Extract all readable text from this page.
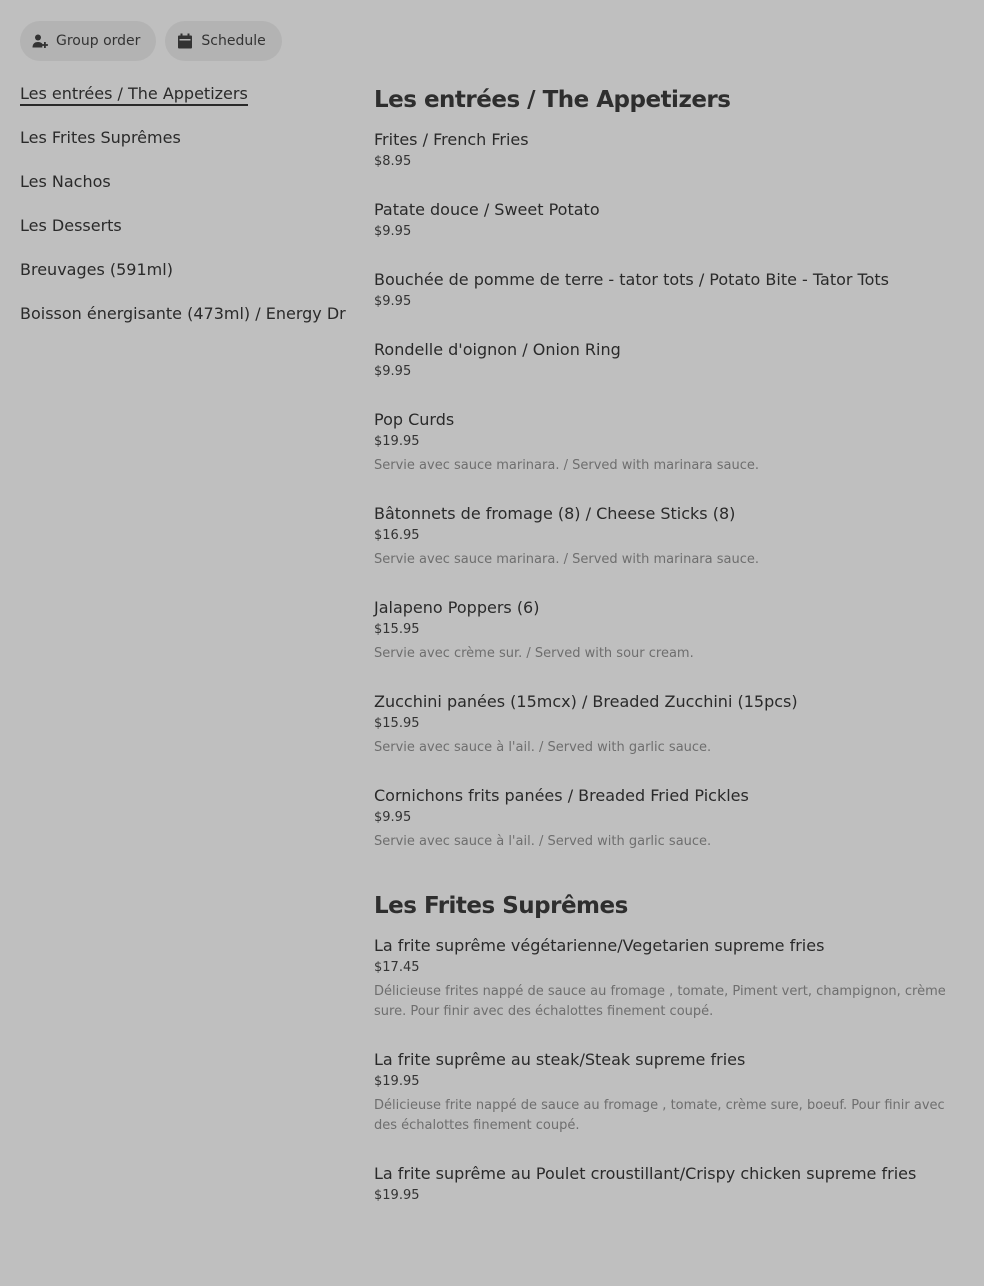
Group order	Schedule
Les entrées / The Appetizers
Les Frites Suprêmes
Les Nachos
Les Desserts
Breuvages (591ml)
Boisson énergisante (473ml) / Energy Dr
Les entrées / The Appetizers
Frites / French Fries
$8.95
Patate douce / Sweet Potato
$9.95
Bouchée de pomme de terre - tator tots / Potato Bite - Tator Tots
$9.95
Rondelle d'oignon / Onion Ring
$9.95
Pop Curds
$19.95
Servie avec sauce marinara. / Served with marinara sauce.
Bâtonnets de fromage (8) / Cheese Sticks (8)
$16.95
Servie avec sauce marinara. / Served with marinara sauce.
Jalapeno Poppers (6)
$15.95
Servie avec crème sur. / Served with sour cream.
Zucchini panées (15mcx) / Breaded Zucchini (15pcs)
$15.95
Servie avec sauce à l'ail. / Served with garlic sauce.
Cornichons frits panées / Breaded Fried Pickles
$9.95
Servie avec sauce à l'ail. / Served with garlic sauce.
Les Frites Suprêmes
La frite suprême végétarienne/Vegetarien supreme fries
$17.45
Délicieuse frites nappé de sauce au fromage , tomate, Piment vert, champignon, crème sure. Pour finir avec des échalottes finement coupé.
La frite suprême au steak/Steak supreme fries
$19.95
Délicieuse frite nappé de sauce au fromage , tomate, crème sure, boeuf. Pour finir avec des échalottes finement coupé.
La frite suprême au Poulet croustillant/Crispy chicken supreme fries
$19.95
